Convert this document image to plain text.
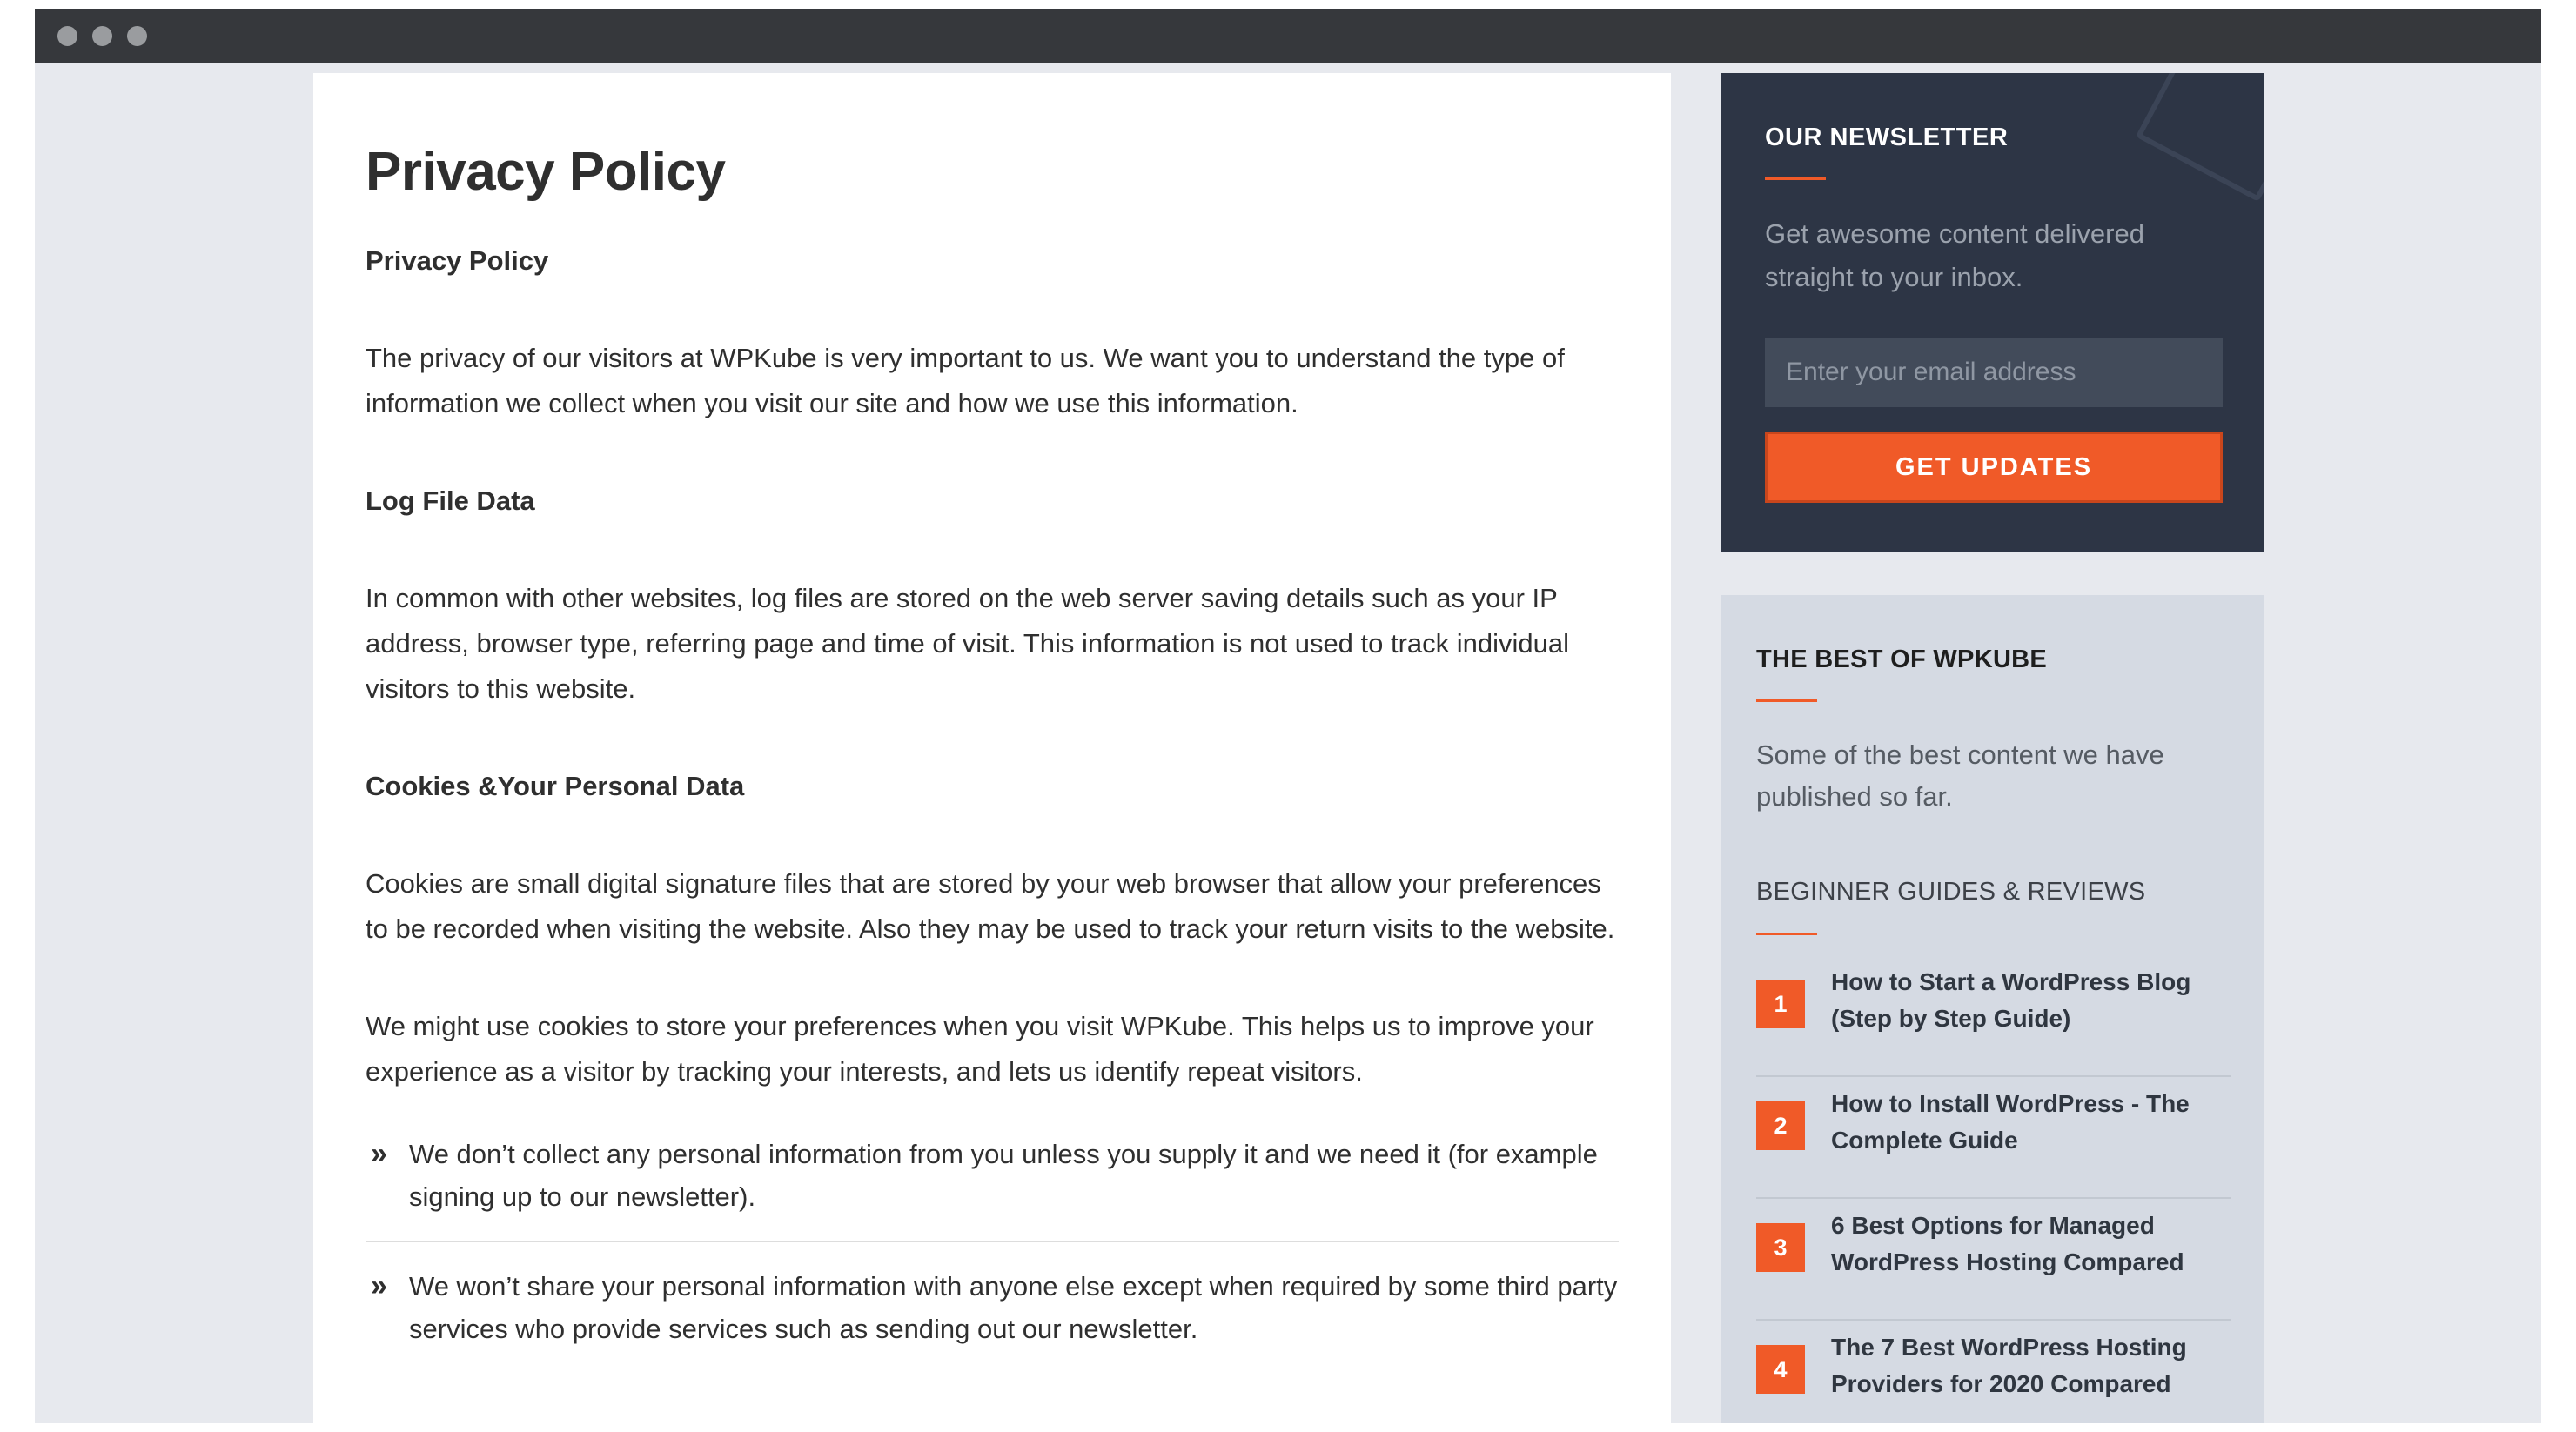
Privacy Policy
Privacy Policy

The privacy of our visitors at WPKube is very important to us. We want you to understand the type of information we collect when you visit our site and how we use this information.

Log File Data

In common with other websites, log files are stored on the web server saving details such as your IP address, browser type, referring page and time of visit. This information is not used to track individual visitors to this website.

Cookies &Your Personal Data

Cookies are small digital signature files that are stored by your web browser that allow your preferences to be recorded when visiting the website. Also they may be used to track your return visits to the website.

We might use cookies to store your preferences when you visit WPKube. This helps us to improve your experience as a visitor by tracking your interests, and lets us identify repeat visitors.

» We don’t collect any personal information from you unless you supply it and we need it (for example signing up to our newsletter).
» We won’t share your personal information with anyone else except when required by some third party services who provide services such as sending out our newsletter.
OUR NEWSLETTER
Get awesome content delivered straight to your inbox.
Enter your email address
GET UPDATES
THE BEST OF WPKUBE
Some of the best content we have published so far.
BEGINNER GUIDES & REVIEWS
1
How to Start a WordPress Blog (Step by Step Guide)
2
How to Install WordPress - The Complete Guide
3
6 Best Options for Managed WordPress Hosting Compared
4
The 7 Best WordPress Hosting Providers for 2020 Compared
